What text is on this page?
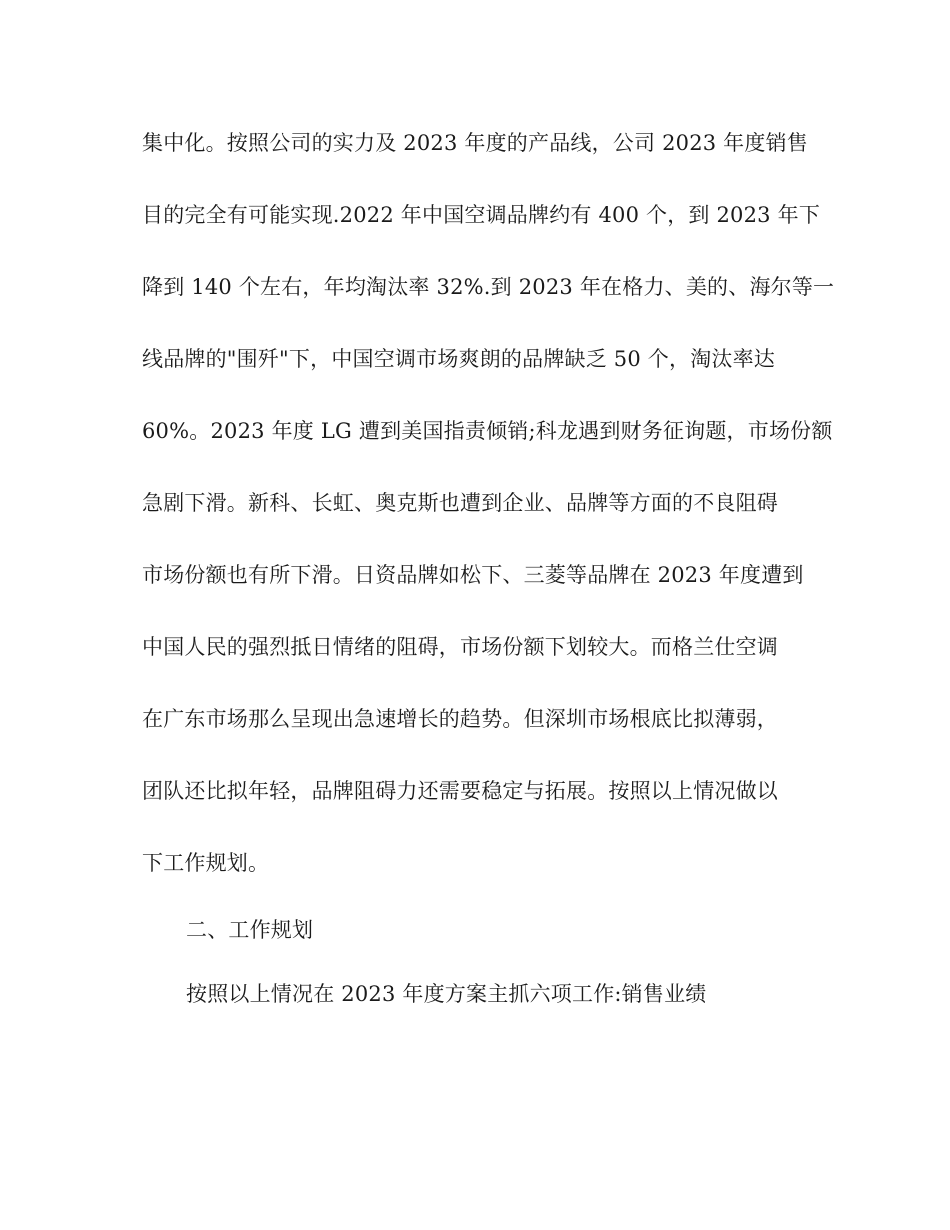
集中化。按照公司的实力及 2023 年度的产品线，公司 2023 年度销售
目的完全有可能实现.2022 年中国空调品牌约有 400 个，到 2023 年下
降到 140 个左右，年均淘汰率 32%.到 2023 年在格力、美的、海尔等一
线品牌的"围歼"下，中国空调市场爽朗的品牌缺乏 50 个，淘汰率达
60%。2023 年度 LG 遭到美国指责倾销;科龙遇到财务征询题，市场份额
急剧下滑。新科、长虹、奥克斯也遭到企业、品牌等方面的不良阻碍
市场份额也有所下滑。日资品牌如松下、三菱等品牌在 2023 年度遭到
中国人民的强烈抵日情绪的阻碍，市场份额下划较大。而格兰仕空调
在广东市场那么呈现出急速增长的趋势。但深圳市场根底比拟薄弱，
团队还比拟年轻，品牌阻碍力还需要稳定与拓展。按照以上情况做以
下工作规划。
二、工作规划
按照以上情况在 2023 年度方案主抓六项工作:销售业绩
